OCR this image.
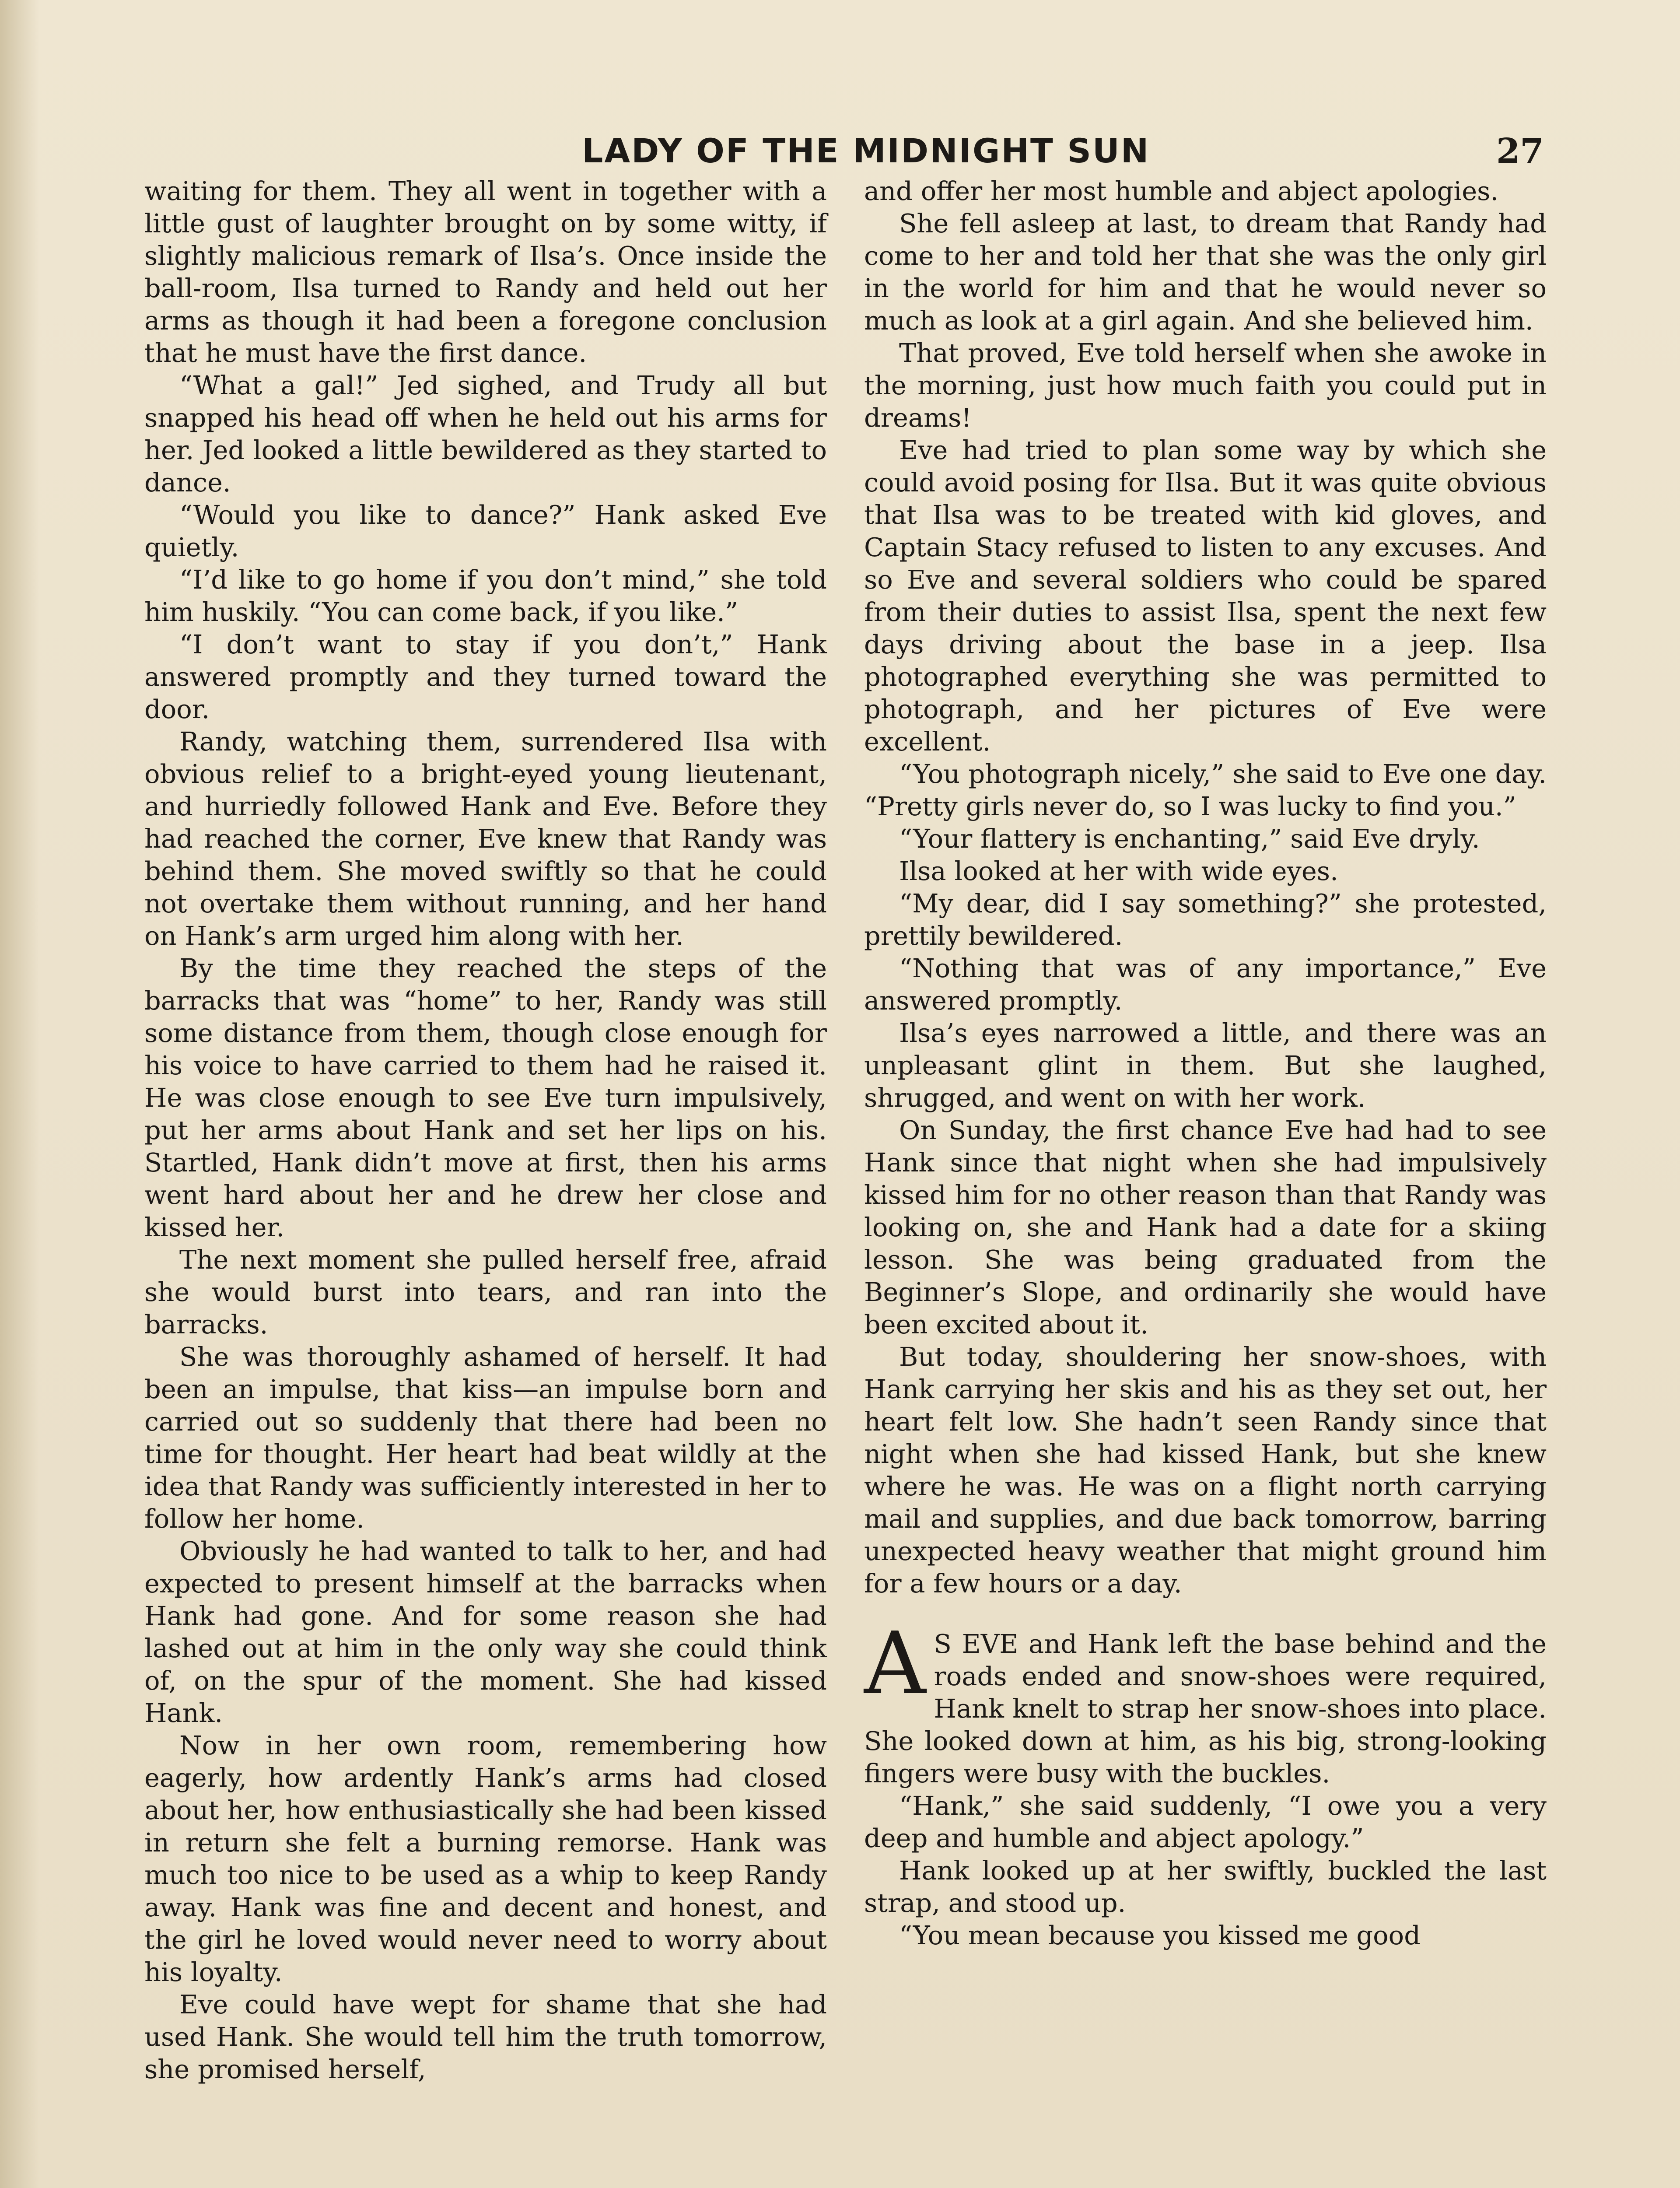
LADY OF THE MIDNIGHT SUN	27

waiting for them. They all went in together with a little gust of laughter brought on by some witty, if slightly malicious remark of Ilsa’s. Once inside the ball-room, Ilsa turned to Randy and held out her arms as though it had been a foregone conclusion that he must have the first dance.

“What a gal!” Jed sighed, and Trudy all but snapped his head off when he held out his arms for her. Jed looked a little bewildered as they started to dance.

“Would you like to dance?” Hank asked Eve quietly.

“I’d like to go home if you don’t mind,” she told him huskily. “You can come back, if you like.”

“I don’t want to stay if you don’t,” Hank answered promptly and they turned toward the door.

Randy, watching them, surrendered Ilsa with obvious relief to a bright-eyed young lieutenant, and hurriedly followed Hank and Eve. Before they had reached the corner, Eve knew that Randy was behind them. She moved swiftly so that he could not overtake them without running, and her hand on Hank’s arm urged him along with her.

By the time they reached the steps of the barracks that was “home” to her, Randy was still some distance from them, though close enough for his voice to have carried to them had he raised it. He was close enough to see Eve turn impulsively, put her arms about Hank and set her lips on his. Startled, Hank didn’t move at first, then his arms went hard about her and he drew her close and kissed her.

The next moment she pulled herself free, afraid she would burst into tears, and ran into the barracks.

She was thoroughly ashamed of herself. It had been an impulse, that kiss—an impulse born and carried out so suddenly that there had been no time for thought. Her heart had beat wildly at the idea that Randy was sufficiently interested in her to follow her home.

Obviously he had wanted to talk to her, and had expected to present himself at the barracks when Hank had gone. And for some reason she had lashed out at him in the only way she could think of, on the spur of the moment. She had kissed Hank.

Now in her own room, remembering how eagerly, how ardently Hank’s arms had closed about her, how enthusiastically she had been kissed in return she felt a burning remorse. Hank was much too nice to be used as a whip to keep Randy away. Hank was fine and decent and honest, and the girl he loved would never need to worry about his loyalty.

Eve could have wept for shame that she had used Hank. She would tell him the truth tomorrow, she promised herself,

and offer her most humble and abject apologies.

She fell asleep at last, to dream that Randy had come to her and told her that she was the only girl in the world for him and that he would never so much as look at a girl again. And she believed him.

That proved, Eve told herself when she awoke in the morning, just how much faith you could put in dreams!

Eve had tried to plan some way by which she could avoid posing for Ilsa. But it was quite obvious that Ilsa was to be treated with kid gloves, and Captain Stacy refused to listen to any excuses. And so Eve and several soldiers who could be spared from their duties to assist Ilsa, spent the next few days driving about the base in a jeep. Ilsa photographed everything she was permitted to photograph, and her pictures of Eve were excellent.

“You photograph nicely,” she said to Eve one day. “Pretty girls never do, so I was lucky to find you.”

“Your flattery is enchanting,” said Eve dryly.

Ilsa looked at her with wide eyes.

“My dear, did I say something?” she protested, prettily bewildered.

“Nothing that was of any importance,” Eve answered promptly.

Ilsa’s eyes narrowed a little, and there was an unpleasant glint in them. But she laughed, shrugged, and went on with her work.

On Sunday, the first chance Eve had had to see Hank since that night when she had impulsively kissed him for no other reason than that Randy was looking on, she and Hank had a date for a skiing lesson. She was being graduated from the Beginner’s Slope, and ordinarily she would have been excited about it.

But today, shouldering her snow-shoes, with Hank carrying her skis and his as they set out, her heart felt low. She hadn’t seen Randy since that night when she had kissed Hank, but she knew where he was. He was on a flight north carrying mail and supplies, and due back tomorrow, barring unexpected heavy weather that might ground him for a few hours or a day.

A S EVE and Hank left the base behind and the roads ended and snow-shoes were required, Hank knelt to strap her snow-shoes into place. She looked down at him, as his big, strong-looking fingers were busy with the buckles.

“Hank,” she said suddenly, “I owe you a very deep and humble and abject apology.”

Hank looked up at her swiftly, buckled the last strap, and stood up.

“You mean because you kissed me good
